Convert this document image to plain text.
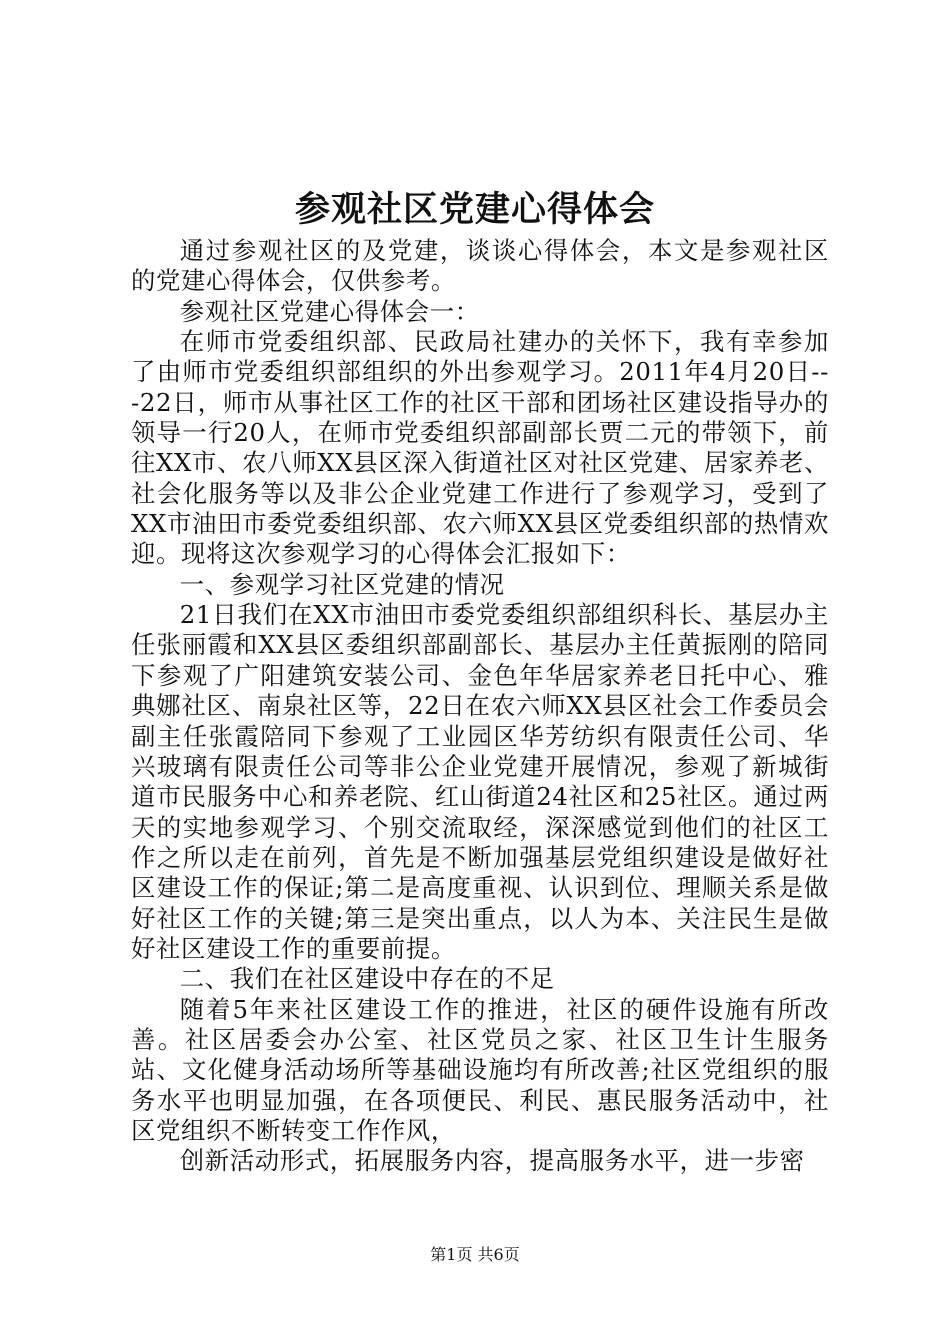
参观社区党建心得体会

通过参观社区的及党建，谈谈心得体会，本文是参观社区的党建心得体会，仅供参考。

参观社区党建心得体会一：

在师市党委组织部、民政局社建办的关怀下，我有幸参加了由师市党委组织部组织的外出参观学习。2011年4月20日---22日，师市从事社区工作的社区干部和团场社区建设指导办的领导一行20人，在师市党委组织部副部长贾二元的带领下，前往XX市、农八师XX县区深入街道社区对社区党建、居家养老、社会化服务等以及非公企业党建工作进行了参观学习，受到了XX市油田市委党委组织部、农六师XX县区党委组织部的热情欢迎。现将这次参观学习的心得体会汇报如下：

一、参观学习社区党建的情况

21日我们在XX市油田市委党委组织部组织科长、基层办主任张丽霞和XX县区委组织部副部长、基层办主任黄振刚的陪同下参观了广阳建筑安装公司、金色年华居家养老日托中心、雅典娜社区、南泉社区等，22日在农六师XX县区社会工作委员会副主任张霞陪同下参观了工业园区华芳纺织有限责任公司、华兴玻璃有限责任公司等非公企业党建开展情况，参观了新城街道市民服务中心和养老院、红山街道24社区和25社区。通过两天的实地参观学习、个别交流取经，深深感觉到他们的社区工作之所以走在前列，首先是不断加强基层党组织建设是做好社区建设工作的保证;第二是高度重视、认识到位、理顺关系是做好社区工作的关键;第三是突出重点，以人为本、关注民生是做好社区建设工作的重要前提。

二、我们在社区建设中存在的不足

随着5年来社区建设工作的推进，社区的硬件设施有所改善。社区居委会办公室、社区党员之家、社区卫生计生服务站、文化健身活动场所等基础设施均有所改善;社区党组织的服务水平也明显加强，在各项便民、利民、惠民服务活动中，社区党组织不断转变工作作风，

创新活动形式，拓展服务内容，提高服务水平，进一步密

第1页 共6页
